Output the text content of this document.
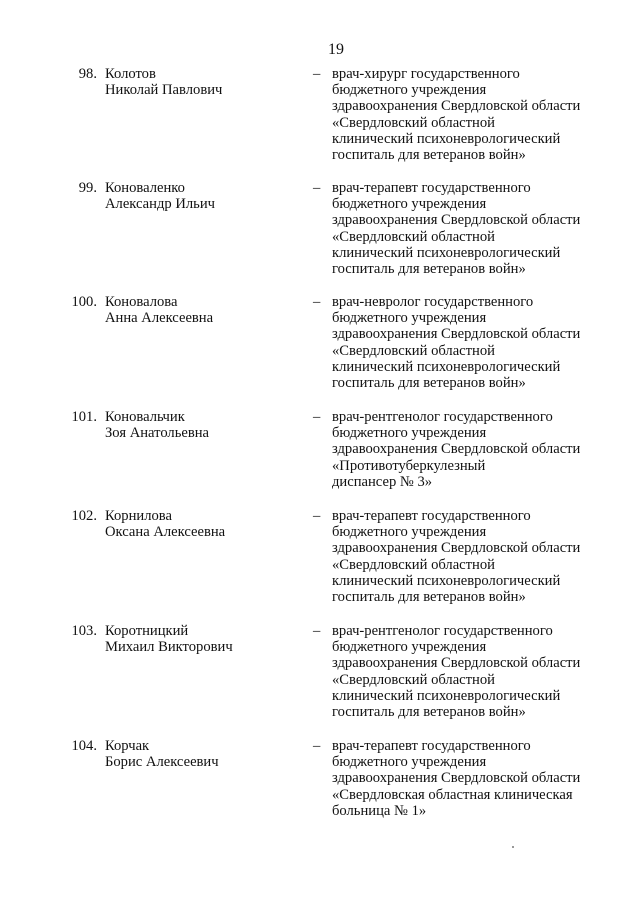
19
98. Колотов
Николай Павлович
– врач-хирург государственного
бюджетного учреждения
здравоохранения Свердловской области
«Свердловский областной
клинический психоневрологический
госпиталь для ветеранов войн»
99. Коноваленко
Александр Ильич
– врач-терапевт государственного
бюджетного учреждения
здравоохранения Свердловской области
«Свердловский областной
клинический психоневрологический
госпиталь для ветеранов войн»
100. Коновалова
Анна Алексеевна
– врач-невролог государственного
бюджетного учреждения
здравоохранения Свердловской области
«Свердловский областной
клинический психоневрологический
госпиталь для ветеранов войн»
101. Коновальчик
Зоя Анатольевна
– врач-рентгенолог государственного
бюджетного учреждения
здравоохранения Свердловской области
«Противотуберкулезный
диспансер № 3»
102. Корнилова
Оксана Алексеевна
– врач-терапевт государственного
бюджетного учреждения
здравоохранения Свердловской области
«Свердловский областной
клинический психоневрологический
госпиталь для ветеранов войн»
103. Коротницкий
Михаил Викторович
– врач-рентгенолог государственного
бюджетного учреждения
здравоохранения Свердловской области
«Свердловский областной
клинический психоневрологический
госпиталь для ветеранов войн»
104. Корчак
Борис Алексеевич
– врач-терапевт государственного
бюджетного учреждения
здравоохранения Свердловской области
«Свердловская областная клиническая
больница № 1»
